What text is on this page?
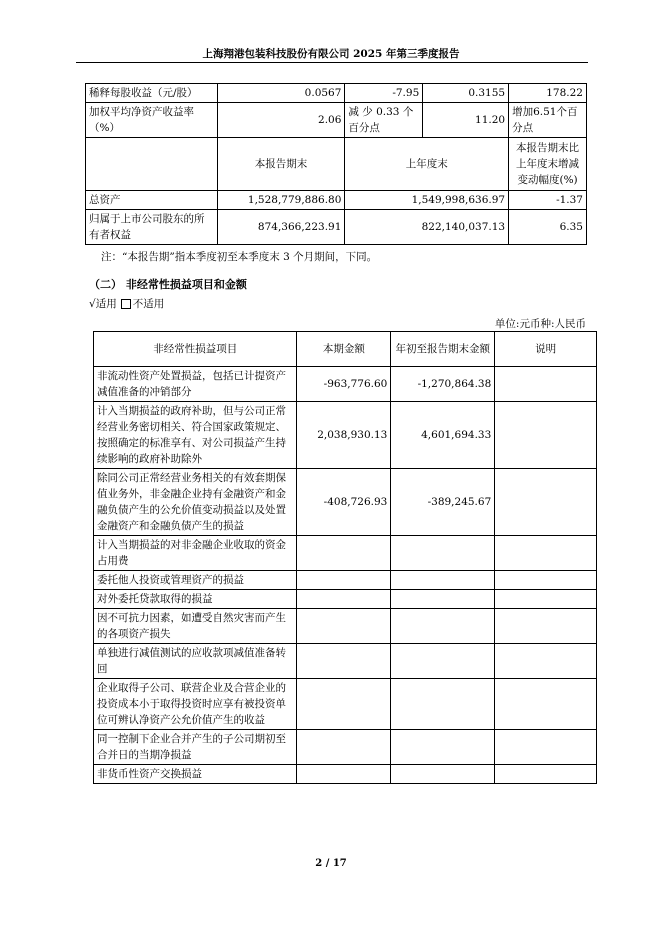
上海翔港包装科技股份有限公司 2025 年第三季度报告
稀释每股收益（元/股）	0.0567	-7.95	0.3155	178.22
加权平均净资产收益率（%）	2.06	减 少 0.33 个百分点	11.20	增加6.51个百分点
	本报告期末	上年度末		本报告期末比上年度末增减变动幅度(%)
总资产	1,528,779,886.80	1,549,998,636.97		-1.37
归属于上市公司股东的所有者权益	874,366,223.91	822,140,037.13		6.35
注：“本报告期”指本季度初至本季度末 3 个月期间，下同。
（二） 非经常性损益项目和金额
√适用 不适用
单位:元币种:人民币
非经常性损益项目	本期金额	年初至报告期末金额	说明
非流动性资产处置损益，包括已计提资产减值准备的冲销部分	-963,776.60	-1,270,864.38	
计入当期损益的政府补助，但与公司正常经营业务密切相关、符合国家政策规定、按照确定的标准享有、对公司损益产生持续影响的政府补助除外	2,038,930.13	4,601,694.33	
除同公司正常经营业务相关的有效套期保值业务外，非金融企业持有金融资产和金融负债产生的公允价值变动损益以及处置金融资产和金融负债产生的损益	-408,726.93	-389,245.67	
计入当期损益的对非金融企业收取的资金占用费			
委托他人投资或管理资产的损益			
对外委托贷款取得的损益			
因不可抗力因素，如遭受自然灾害而产生的各项资产损失			
单独进行减值测试的应收款项减值准备转回			
企业取得子公司、联营企业及合营企业的投资成本小于取得投资时应享有被投资单位可辨认净资产公允价值产生的收益			
同一控制下企业合并产生的子公司期初至合并日的当期净损益			
非货币性资产交换损益			
2 / 17
